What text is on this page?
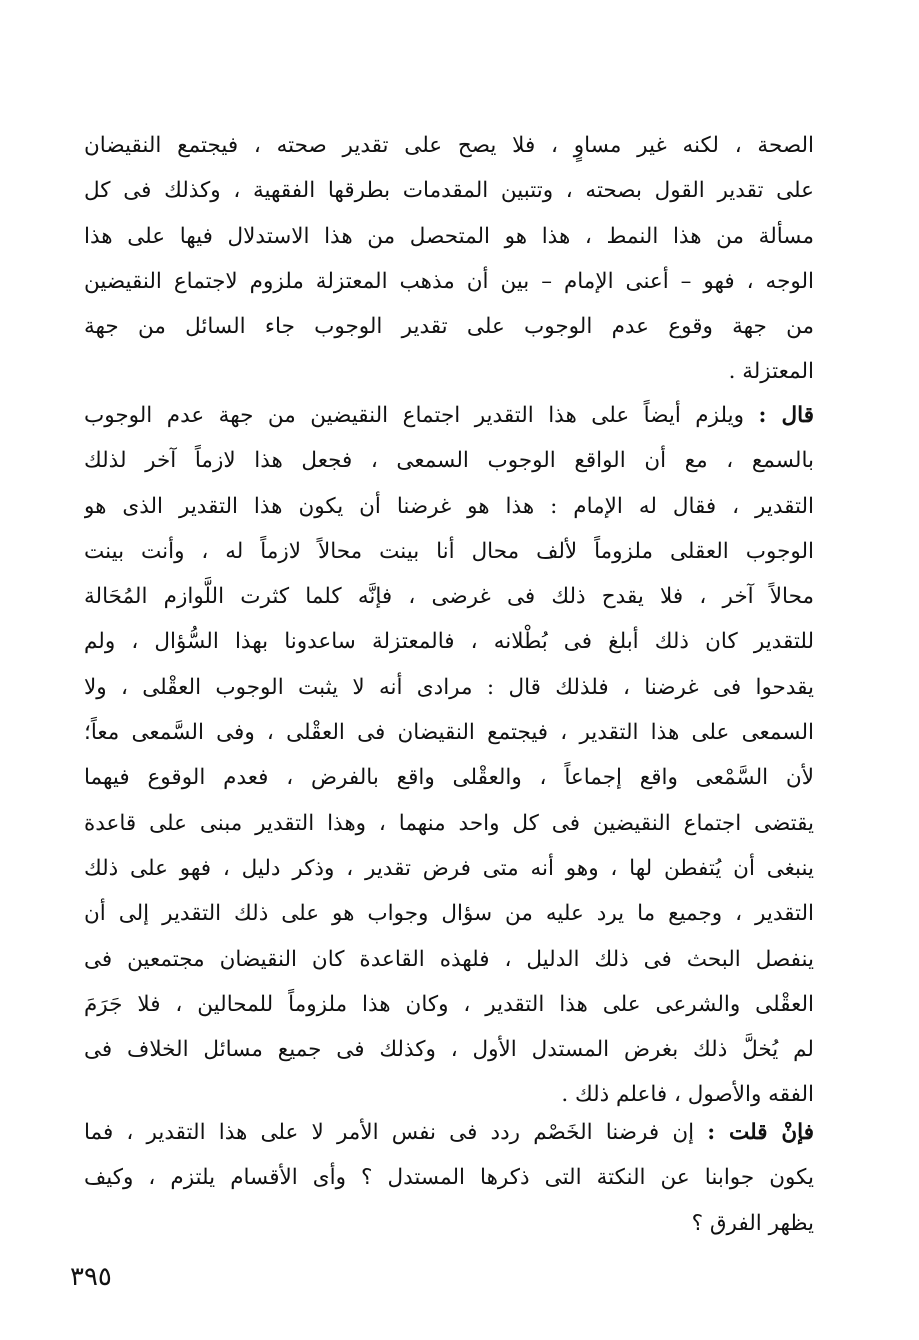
الصحة ، لكنه غير مساوٍ ، فلا يصح على تقدير صحته ، فيجتمع النقيضان
على تقدير القول بصحته ، وتتبين المقدمات بطرقها الفقهية ، وكذلك فى كل
مسألة من هذا النمط ، هذا هو المتحصل من هذا الاستدلال فيها على هذا
الوجه ، فهو – أعنى الإمام – بين أن مذهب المعتزلة ملزوم لاجتماع النقيضين
من جهة وقوع عدم الوجوب على تقدير الوجوب جاء السائل من جهة
المعتزلة .
قال : ويلزم أيضاً على هذا التقدير اجتماع النقيضين من جهة عدم الوجوب
بالسمع ، مع أن الواقع الوجوب السمعى ، فجعل هذا لازماً آخر لذلك
التقدير ، فقال له الإمام : هذا هو غرضنا أن يكون هذا التقدير الذى هو
الوجوب العقلى ملزوماً لألف محال أنا بينت محالاً لازماً له ، وأنت بينت
محالاً آخر ، فلا يقدح ذلك فى غرضى ، فإنَّه كلما كثرت اللَّوازم المُحَالة
للتقدير كان ذلك أبلغ فى بُطْلانه ، فالمعتزلة ساعدونا بهذا السُّؤال ، ولم
يقدحوا فى غرضنا ، فلذلك قال : مرادى أنه لا يثبت الوجوب العقْلى ، ولا
السمعى على هذا التقدير ، فيجتمع النقيضان فى العقْلى ، وفى السَّمعى معاً؛
لأن السَّمْعى واقع إجماعاً ، والعقْلى واقع بالفرض ، فعدم الوقوع فيهما
يقتضى اجتماع النقيضين فى كل واحد منهما ، وهذا التقدير مبنى على قاعدة
ينبغى أن يُتفطن لها ، وهو أنه متى فرض تقدير ، وذكر دليل ، فهو على ذلك
التقدير ، وجميع ما يرد عليه من سؤال وجواب هو على ذلك التقدير إلى أن
ينفصل البحث فى ذلك الدليل ، فلهذه القاعدة كان النقيضان مجتمعين فى
العقْلى والشرعى على هذا التقدير ، وكان هذا ملزوماً للمحالين ، فلا جَرَمَ
لم يُخلَّ ذلك بغرض المستدل الأول ، وكذلك فى جميع مسائل الخلاف فى
الفقه والأصول ، فاعلم ذلك .
فإنْ قلت : إن فرضنا الخَصْم ردد فى نفس الأمر لا على هذا التقدير ، فما
يكون جوابنا عن النكتة التى ذكرها المستدل ؟ وأى الأقسام يلتزم ، وكيف
يظهر الفرق ؟
٣٩٥
